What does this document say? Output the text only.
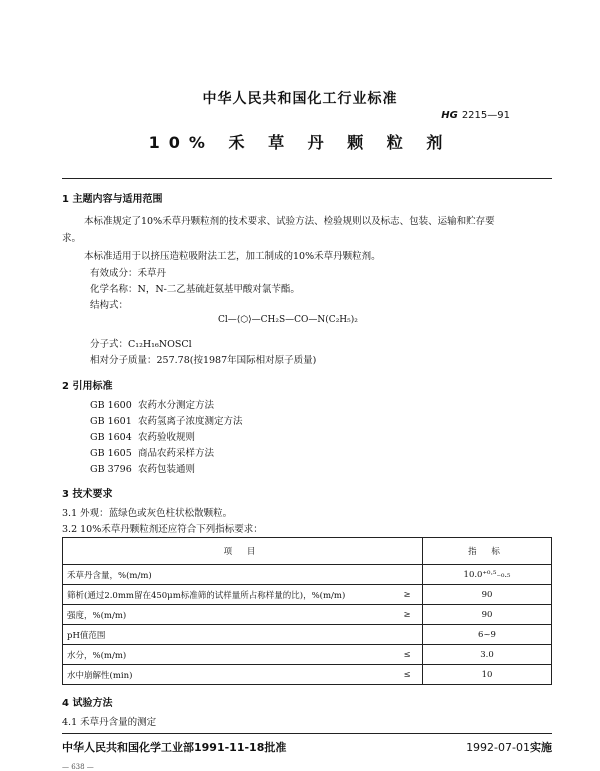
中华人民共和国化工行业标准
HG 2215—91
10% 禾 草 丹 颗 粒 剂
1 主题内容与适用范围
本标准规定了10%禾草丹颗粒剂的技术要求、试验方法、检验规则以及标志、包装、运输和贮存要
求。
本标准适用于以挤压造粒吸附法工艺，加工制成的10%禾草丹颗粒剂。
有效成分：禾草丹
化学名称：N，N-二乙基硫赶氨基甲酸对氯苄酯。
结构式：
Cl—⟨⬡⟩—CH₂S—CO—N(C₂H₅)₂
分子式：C₁₂H₁₆NOSCl
相对分子质量：257.78(按1987年国际相对原子质量)
2 引用标准
GB 1600 农药水分测定方法
GB 1601 农药氢离子浓度测定方法
GB 1604 农药验收规则
GB 1605 商品农药采样方法
GB 3796 农药包装通则
3 技术要求
3.1 外观：蓝绿色或灰色柱状松散颗粒。
3.2 10%禾草丹颗粒剂还应符合下列指标要求：
项 目		指 标
禾草丹含量，%(m/m)		10.0⁺⁰·⁵₋₀.₅
筛析(通过2.0mm留在450μm标准筛的试样量所占称样量的比)，%(m/m)	≥	90
强度，%(m/m)	≥	90
pH值范围		6~9
水分，%(m/m)	≤	3.0
水中崩解性(min)	≤	10
4 试验方法
4.1 禾草丹含量的测定
中华人民共和国化学工业部1991-11-18批准	1992-07-01实施
— 638 —
